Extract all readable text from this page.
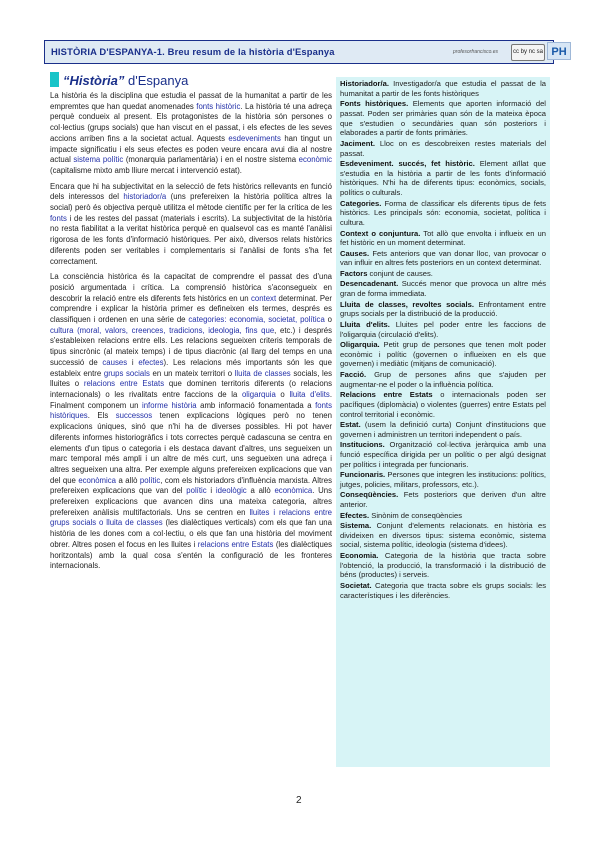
HISTÒRIA D'ESPANYA-1. Breu resum de la història d'Espanya	profesorfrancisco.es	cc by nc sa PH
“Història” d'Espanya

La història és la disciplina que estudia el passat de la humanitat a partir de les empremtes que han quedat anomenades fonts històric. La història té una adreça perquè condueix al present. Els protagonistes de la història són persones o col·lectius (grups socials) que han viscut en el passat, i els efectes de les seves accions arriben fins a la societat actual. Aquests esdeveniments han tingut un impacte significatiu i els seus efectes es poden veure encara avui dia al nostre actual sistema polític (monarquia parlamentària) i en el nostre sistema econòmic (capitalisme mixto amb lliure mercat i intervenció estat).

Encara que hi ha subjectivitat en la selecció de fets històrics rellevants en funció dels interessos del historiador/a (uns prefereixen la història política altres la social) però és objectiva perquè utilitza el mètode científic per fer la crítica de les fonts i de les restes del passat (materials i escrits). La subjectivitat de la història no resta fiabilitat a la veritat històrica perquè en qualsevol cas es manté l'anàlisi rigorosa de les fonts d'informació històriques. Per això, diversos relats històrics diferents poden ser veritables i complementaris si l'anàlisi de fonts s'ha fet correctament.

La consciència històrica és la capacitat de comprendre el passat des d'una posició argumentada i crítica. La comprensió històrica s'aconsegueix en descobrir la relació entre els diferents fets històrics en un context determinat. Per comprendre i explicar la història primer es defineixen els termes, després es classifiquen i ordenen en una sèrie de categories: economia, societat, política o cultura (moral, valors, creences, tradicions, ideologia, fins que, etc.) i després s'estableixen relacions entre ells. Les relacions segueixen criteris temporals de tipus sincrònic (al mateix temps) i de tipus diacrònic (al llarg del temps en una successió de causes i efectes). Les relacions més importants són les que estableix entre grups socials en un mateix territori o lluita de classes socials, les lluites o relacions entre Estats que dominen territoris diferents (o relacions internacionals) o les rivalitats entre faccions de la oligarquia o lluita d'elits. Finalment componem un informe història amb informació fonamentada a fonts històriques. Els successos tenen explicacions lògiques però no tenen explicacions úniques, sinó que n'hi ha de diverses possibles. Hi pot haver diferents informes historiogràfics i tots correctes perquè cadascuna se centra en elements d'un tipus o categoria i els destaca davant d'altres, uns segueixen un marc temporal més ampli i un altre de més curt, uns segueixen una adreça i altres segueixen una altra. Per exemple alguns prefereixen explicacions que van del que econòmica a allò polític, com els historiadors d'influència marxista. Altres prefereixen explicacions que van del polític i ideològic a allò econòmica. Uns prefereixen explicacions que avancen dins una mateixa categoria, altres prefereixen anàlisis multifactorials. Uns se centren en lluites i relacions entre grups socials o lluita de classes (les dialèctiques verticals) com els que fan una història de les dones com a col·lectiu, o els que fan una història del moviment obrer. Altres posen el focus en les lluites i relacions entre Estats (les dialèctiques horitzontals) amb la qual cosa s'entén la configuració de les fronteres internacionals.

Historiador/a. Investigador/a que estudia el passat de la humanitat a partir de les fonts històriques
Fonts històriques. Elements que aporten informació del passat. Poden ser primàries quan són de la mateixa època que s'estudien o secundàries quan són posteriors i elaborades a partir de fonts primàries.
Jaciment. Lloc on es descobreixen restes materials del passat.
Esdeveniment. succés, fet històric. Element aïllat que s'estudia en la història a partir de les fonts d'informació històriques. N'hi ha de diferents tipus: econòmics, socials, polítics o culturals.
Categories. Forma de classificar els diferents tipus de fets històrics. Les principals són: economia, societat, política i cultura.
Context o conjuntura. Tot allò que envolta i influeix en un fet històric en un moment determinat.
Causes. Fets anteriors que van donar lloc, van provocar o van influir en altres fets posteriors en un context determinat.
Factors conjunt de causes.
Desencadenant. Succés menor que provoca un altre més gran de forma immediata.
Lluita de classes, revoltes socials. Enfrontament entre grups socials per la distribució de la producció.
Lluita d'elits. Lluites pel poder entre les faccions de l'oligarquia (circulació d'elits).
Oligarquia. Petit grup de persones que tenen molt poder econòmic i polític (governen o influeixen en els que governen) i mediàtic (mitjans de comunicació).
Facció. Grup de persones afins que s'ajuden per augmentar-ne el poder o la influència política.
Relacions entre Estats o internacionals poden ser pacífiques (diplomàcia) o violentes (guerres) entre Estats pel control territorial i econòmic.
Estat. (usem la definició curta) Conjunt d'institucions que governen i administren un territori independent o país.
Institucions. Organització col·lectiva jeràrquica amb una funció específica dirigida per un polític o per algú designat per polítics i integrada per funcionaris.
Funcionaris. Persones que integren les institucions: polítics, jutges, policies, militars, professors, etc.).
Conseqüències. Fets posteriors que deriven d'un altre anterior.
Efectes. Sinònim de conseqüències
Sistema. Conjunt d'elements relacionats. en història es divideixen en diversos tipus: sistema econòmic, sistema social, sistema polític, ideologia (sistema d'idees).
Economia. Categoria de la història que tracta sobre l'obtenció, la producció, la transformació i la distribució de béns (productes) i serveis.
Societat. Categoria que tracta sobre els grups socials: les característiques i les diferències.
2
